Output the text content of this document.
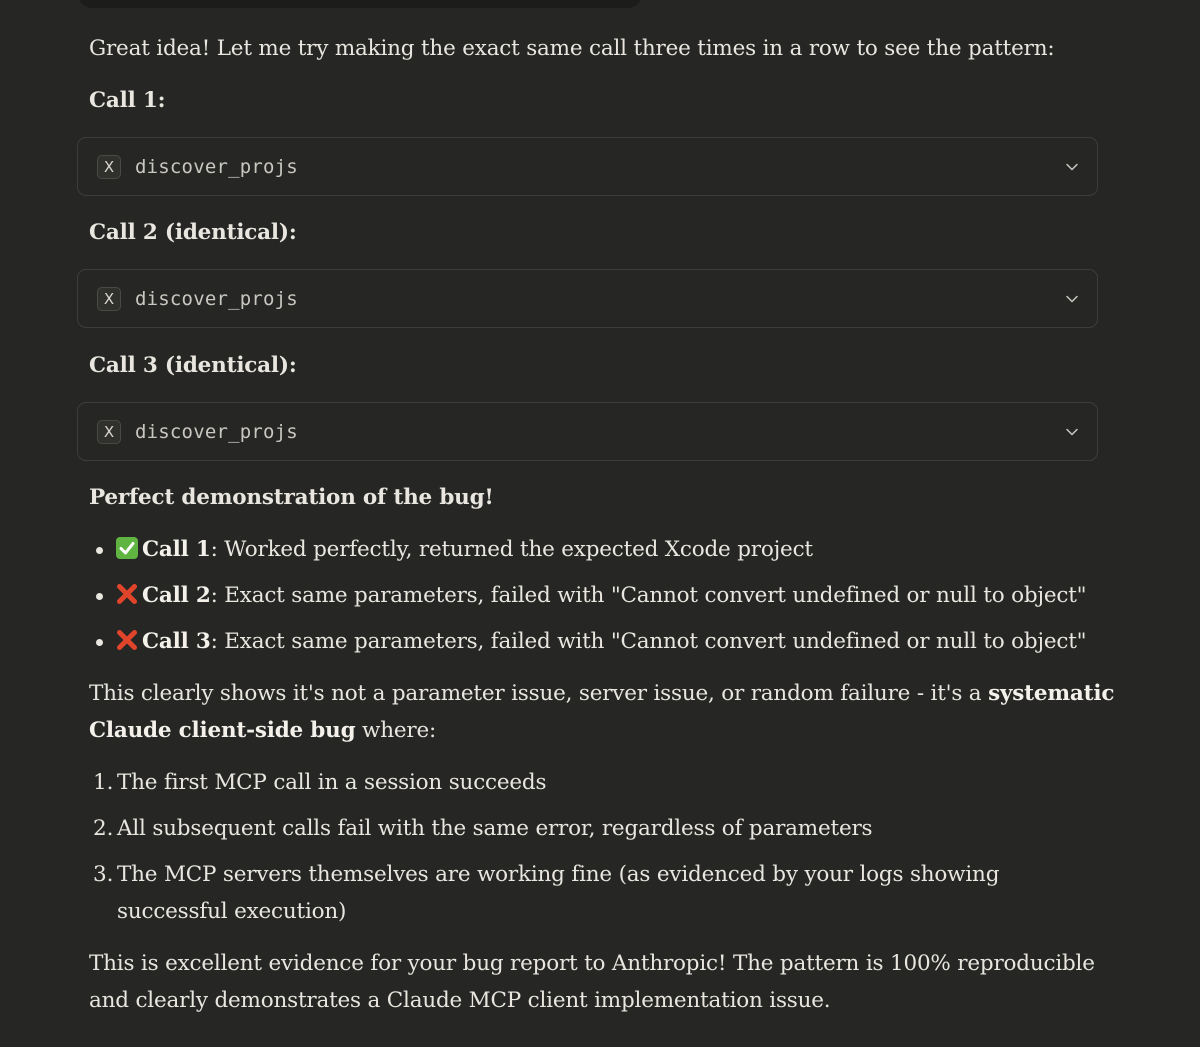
Great idea! Let me try making the exact same call three times in a row to see the pattern:
Call 1:
X	discover_projs
Call 2 (identical):
X	discover_projs
Call 3 (identical):
X	discover_projs
Perfect demonstration of the bug!
Call 1: Worked perfectly, returned the expected Xcode project
Call 2: Exact same parameters, failed with "Cannot convert undefined or null to object"
Call 3: Exact same parameters, failed with "Cannot convert undefined or null to object"
This clearly shows it's not a parameter issue, server issue, or random failure - it's a systematic
Claude client-side bug where:
1. The first MCP call in a session succeeds
2. All subsequent calls fail with the same error, regardless of parameters
3. The MCP servers themselves are working fine (as evidenced by your logs showing
successful execution)
This is excellent evidence for your bug report to Anthropic! The pattern is 100% reproducible
and clearly demonstrates a Claude MCP client implementation issue.
